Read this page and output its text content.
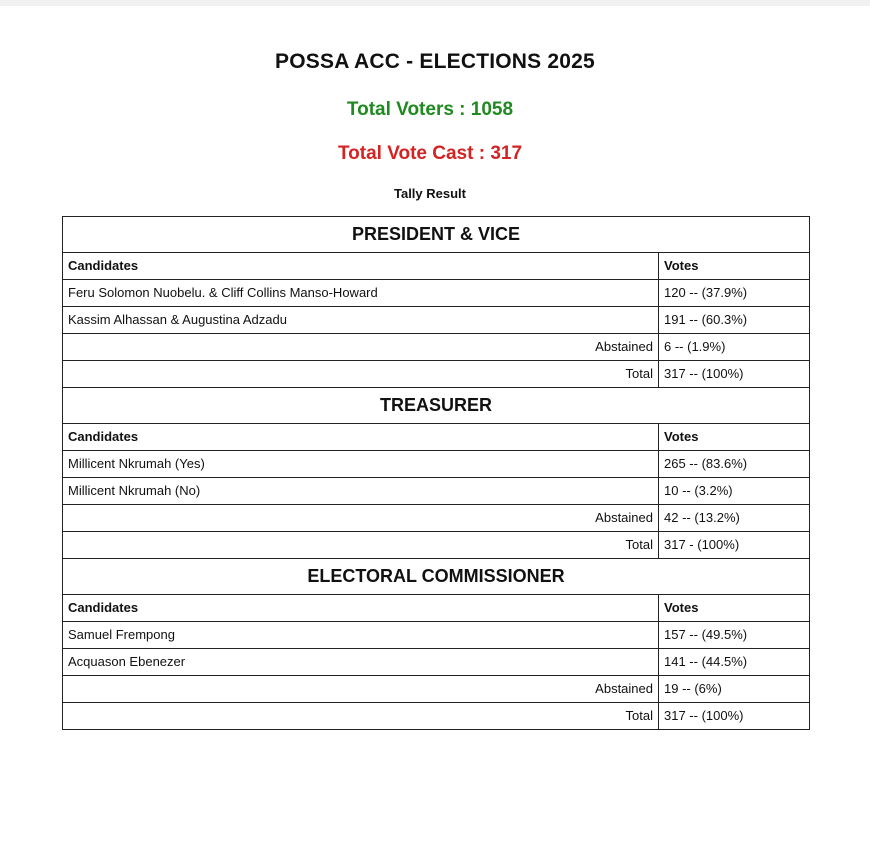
POSSA ACC - ELECTIONS 2025
Total Voters : 1058
Total Vote Cast : 317
Tally Result
PRESIDENT & VICE	
Candidates	Votes
Feru Solomon Nuobelu. & Cliff Collins Manso-Howard	120 -- (37.9%)
Kassim Alhassan & Augustina Adzadu	191 -- (60.3%)
Abstained	6 -- (1.9%)
Total	317 -- (100%)
TREASURER	
Candidates	Votes
Millicent Nkrumah (Yes)	265 -- (83.6%)
Millicent Nkrumah (No)	10 -- (3.2%)
Abstained	42 -- (13.2%)
Total	317 - (100%)
ELECTORAL COMMISSIONER	
Candidates	Votes
Samuel Frempong	157 -- (49.5%)
Acquason Ebenezer	141 -- (44.5%)
Abstained	19 -- (6%)
Total	317 -- (100%)
